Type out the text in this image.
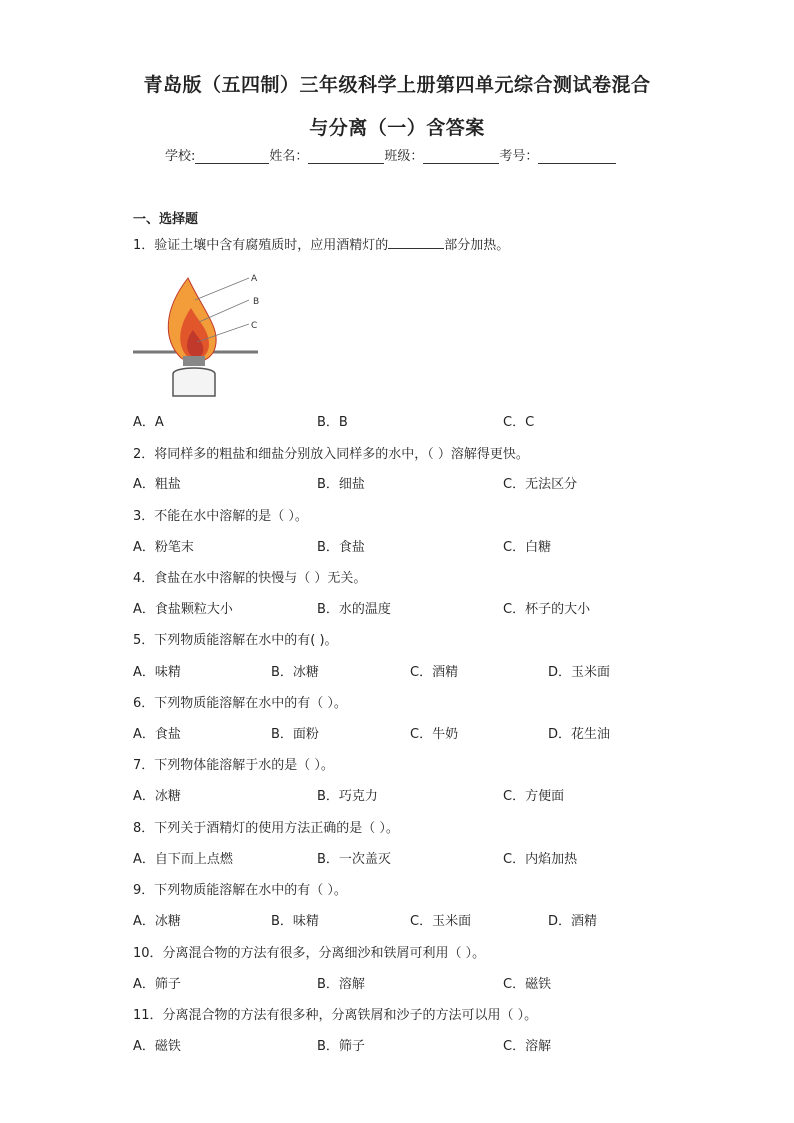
青岛版（五四制）三年级科学上册第四单元综合测试卷混合
与分离（一）含答案
学校:	姓名：	班级：	考号：
一、选择题
1．验证土壤中含有腐殖质时，应用酒精灯的	部分加热。
A
B
C
A．A	B．B	C．C
2．将同样多的粗盐和细盐分别放入同样多的水中，（ ）溶解得更快。
A．粗盐	B．细盐	C．无法区分
3．不能在水中溶解的是（ ）。
A．粉笔末	B．食盐	C．白糖
4．食盐在水中溶解的快慢与（ ）无关。
A．食盐颗粒大小	B．水的温度	C．杯子的大小
5．下列物质能溶解在水中的有( )。
A．味精	B．冰糖	C．酒精	D．玉米面
6．下列物质能溶解在水中的有（ ）。
A．食盐	B．面粉	C．牛奶	D．花生油
7．下列物体能溶解于水的是（ ）。
A．冰糖	B．巧克力	C．方便面
8．下列关于酒精灯的使用方法正确的是（ ）。
A．自下而上点燃	B．一次盖灭	C．内焰加热
9．下列物质能溶解在水中的有（ ）。
A．冰糖	B．味精	C．玉米面	D．酒精
10．分离混合物的方法有很多，分离细沙和铁屑可利用（ ）。
A．筛子	B．溶解	C．磁铁
11．分离混合物的方法有很多种，分离铁屑和沙子的方法可以用（ ）。
A．磁铁	B．筛子	C．溶解
